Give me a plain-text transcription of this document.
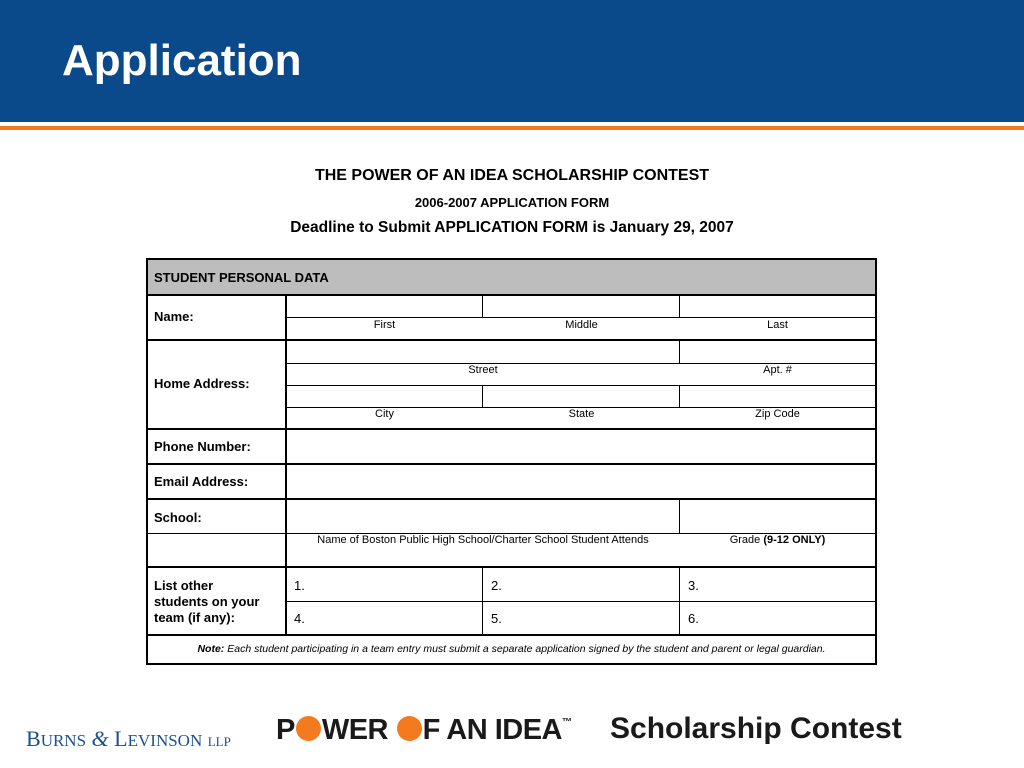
Application
THE POWER OF AN IDEA SCHOLARSHIP CONTEST
2006-2007 APPLICATION FORM
Deadline to Submit APPLICATION FORM is January 29, 2007
STUDENT PERSONAL DATA
Name:
First	Middle	Last
Home Address:
Street	Apt. #
City	State	Zip Code
Phone Number:
Email Address:
School:
Name of Boston Public High School/Charter School Student Attends	Grade (9-12 ONLY)
List other
students on your
team (if any):
1.	2.	3.
4.	5.	6.
Note: Each student participating in a team entry must submit a separate application signed by the student and parent or legal guardian.
BURNS & LEVINSON LLP P WER F AN IDEA™ Scholarship Contest
